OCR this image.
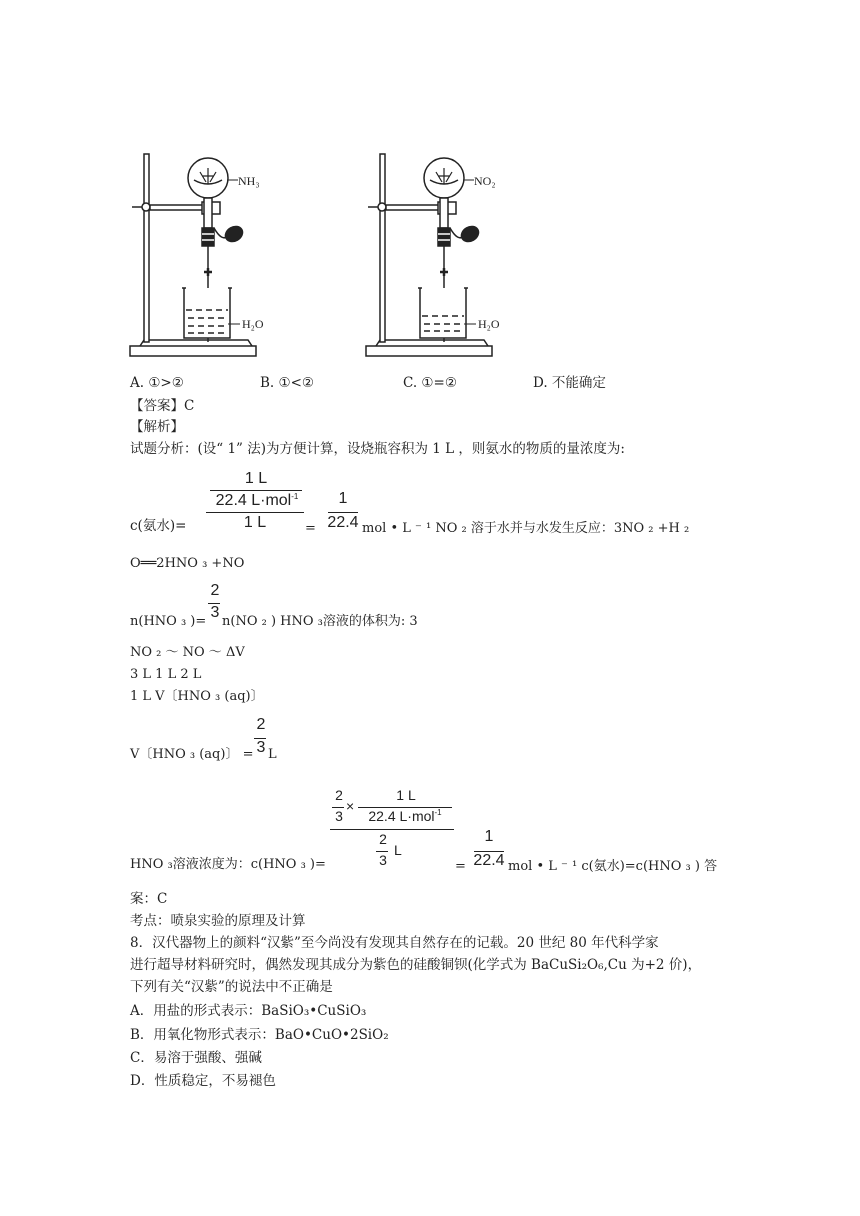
NH₃
H₂O
NO₂
H₂O
A. ①>②	B. ①<②	C. ①=②	D. 不能确定
【答案】C
【解析】
试题分析：(设“ 1” 法)为方便计算，设烧瓶容积为 1 L ，则氨水的物质的量浓度为:
c(氨水)=
1 L
22.4 L·mol$^{-1}$
1 L	=
1
22.4 mol • L ⁻ ¹ NO ₂ 溶于水并与水发生反应：3NO ₂ +H ₂
O══2HNO ₃ +NO
2
3
n(HNO ₃ )= n(NO ₂ ) HNO ₃溶液的体积为: 3
NO ₂ ～ NO ～ ΔV
3 L 1 L 2 L
1 L V〔HNO ₃ (aq)〕
2
3
V〔HNO ₃ (aq)〕 = L
2
3
×
1 L
22.4 L·mol$^{-1}$
2
3
L
HNO ₃溶液浓度为：c(HNO ₃ )=	=
1
22.4 mol • L ⁻ ¹ c(氨水)=c(HNO ₃ ) 答
案：C
考点：喷泉实验的原理及计算
8．汉代器物上的颜料“汉紫”至今尚没有发现其自然存在的记载。20 世纪 80 年代科学家
进行超导材料研究时，偶然发现其成分为紫色的硅酸铜钡(化学式为 BaCuSi₂O₆,Cu 为+2 价)，
下列有关“汉紫”的说法中不正确是
A．用盐的形式表示：BaSiO₃•CuSiO₃
B．用氧化物形式表示：BaO•CuO•2SiO₂
C．易溶于强酸、强碱
D．性质稳定，不易褪色
